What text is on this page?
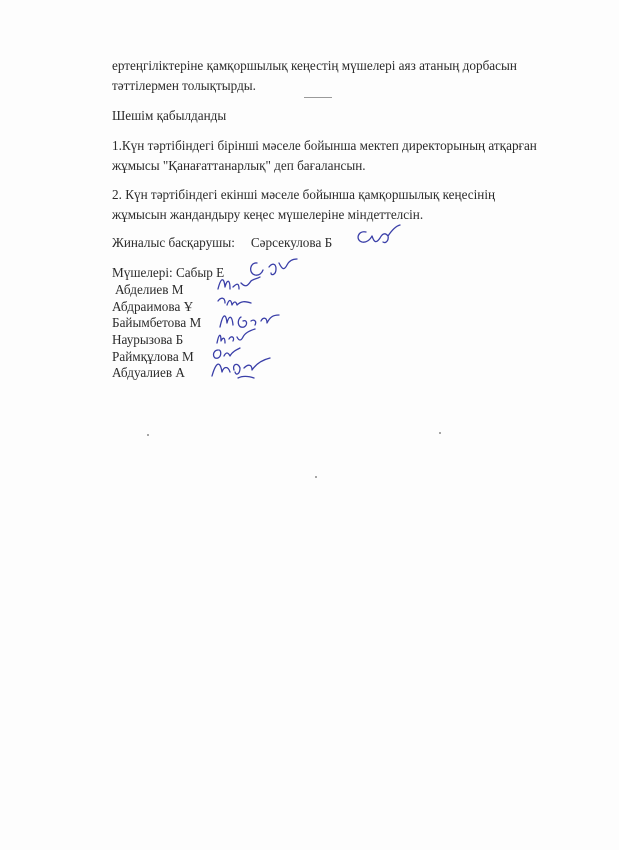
ертеңгіліктеріне қамқоршылық кеңестің мүшелері аяз атаның дорбасын
тәттілермен толықтырды.
Шешім қабылданды
1.Күн тәртібіндегі бірінші мәселе бойынша мектеп директорының атқарған
жұмысы "Қанағаттанарлық" деп бағалансын.
2. Күн тәртібіндегі екінші мәселе бойынша қамқоршылық кеңесінің
жұмысын жандандыру кеңес мүшелеріне міндеттелсін.
Жиналыс басқарушы: Сәрсекулова Б
Мүшелері: Сабыр Е
Абделиев М
Абдраимова Ұ
Байымбетова М
Наурызова Б
Раймқұлова М
Абдуалиев А
